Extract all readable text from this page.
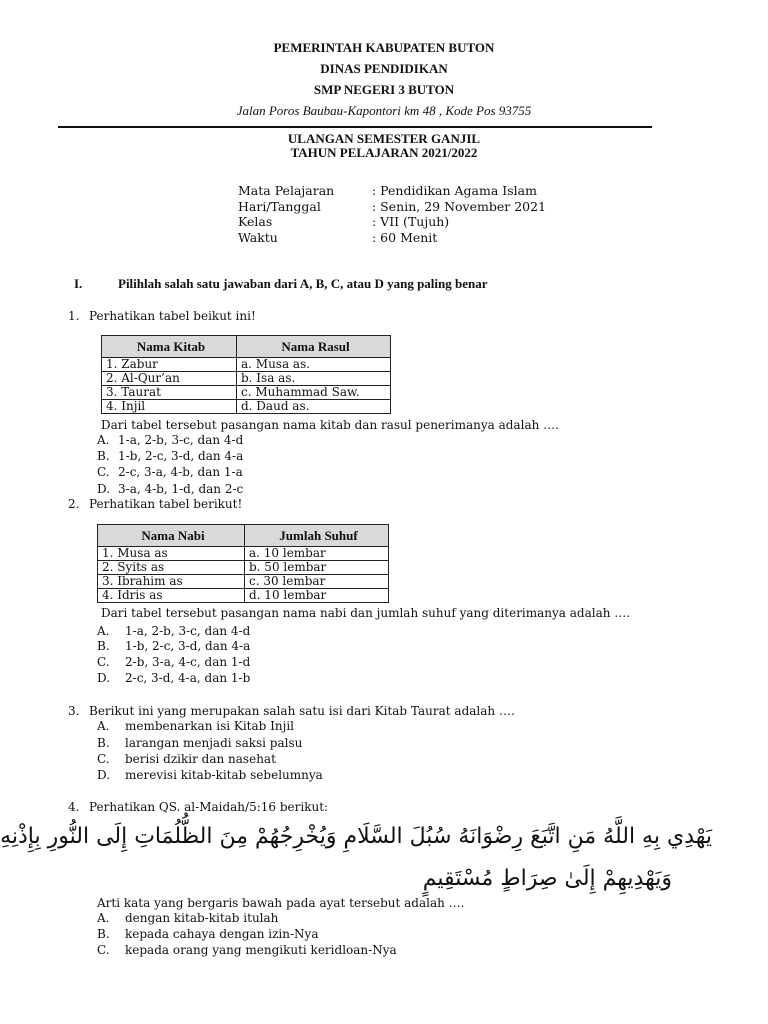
PEMERINTAH KABUPATEN BUTON
DINAS PENDIDIKAN
SMP NEGERI 3 BUTON
Jalan Poros Baubau-Kapontori km 48 , Kode Pos 93755
ULANGAN SEMESTER GANJIL
TAHUN PELAJARAN 2021/2022
Mata Pelajaran	: Pendidikan Agama Islam
Hari/Tanggal	: Senin, 29 November 2021
Kelas	: VII (Tujuh)
Waktu	: 60 Menit
I.	Pilihlah salah satu jawaban dari A, B, C, atau D yang paling benar
1. Perhatikan tabel beikut ini!
Nama Kitab	Nama Rasul
1. Zabur	a. Musa as.
2. Al-Qur’an	b. Isa as.
3. Taurat	c. Muhammad Saw.
4. Injil	d. Daud as.
Dari tabel tersebut pasangan nama kitab dan rasul penerimanya adalah ….
A. 1-a, 2-b, 3-c, dan 4-d
B. 1-b, 2-c, 3-d, dan 4-a
C. 2-c, 3-a, 4-b, dan 1-a
D. 3-a, 4-b, 1-d, dan 2-c
2. Perhatikan tabel berikut!
Nama Nabi	Jumlah Suhuf
1. Musa as	a. 10 lembar
2. Syits as	b. 50 lembar
3. Ibrahim as	c. 30 lembar
4. Idris as	d. 10 lembar
Dari tabel tersebut pasangan nama nabi dan jumlah suhuf yang diterimanya adalah ….
A. 1-a, 2-b, 3-c, dan 4-d
B. 1-b, 2-c, 3-d, dan 4-a
C. 2-b, 3-a, 4-c, dan 1-d
D. 2-c, 3-d, 4-a, dan 1-b
3. Berikut ini yang merupakan salah satu isi dari Kitab Taurat adalah ….
A. membenarkan isi Kitab Injil
B. larangan menjadi saksi palsu
C. berisi dzikir dan nasehat
D. merevisi kitab-kitab sebelumnya
4. Perhatikan QS. al-Maidah/5:16 berikut:
يَهْدِي بِهِ اللَّهُ مَنِ اتَّبَعَ رِضْوَانَهُ سُبُلَ السَّلَامِ وَيُخْرِجُهُمْ مِنَ الظُّلُمَاتِ إِلَى النُّورِ بِإِذْنِهِ
وَيَهْدِيهِمْ إِلَىٰ صِرَاطٍ مُسْتَقِيمٍ
Arti kata yang bergaris bawah pada ayat tersebut adalah ….
A. dengan kitab-kitab itulah
B. kepada cahaya dengan izin-Nya
C. kepada orang yang mengikuti keridloan-Nya
